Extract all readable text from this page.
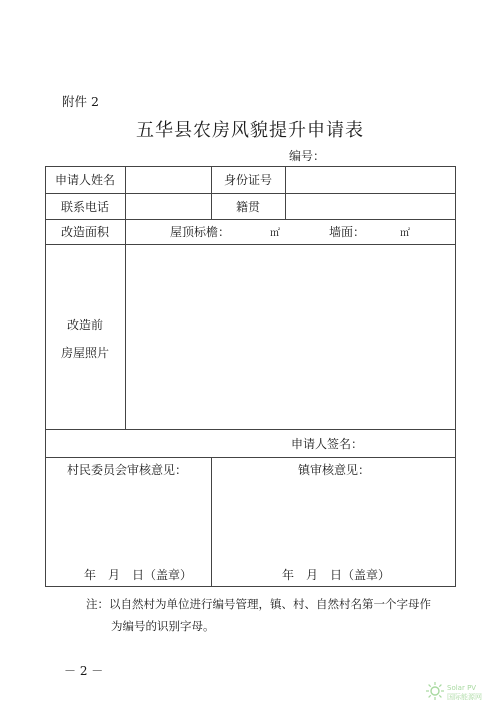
附件 2
五华县农房风貌提升申请表
编号：
申请人姓名	身份证号
联系电话	籍贯
改造面积	屋顶标檐：	㎡	墙面：	㎡
改造前
房屋照片
申请人签名：
村民委员会审核意见：	镇审核意见：
年　月　日（盖章）	年　月　日（盖章）
注：以自然村为单位进行编号管理，镇、村、自然村名第一个字母作
为编号的识别字母。
－ 2 －
Solar PV
国际能源网
